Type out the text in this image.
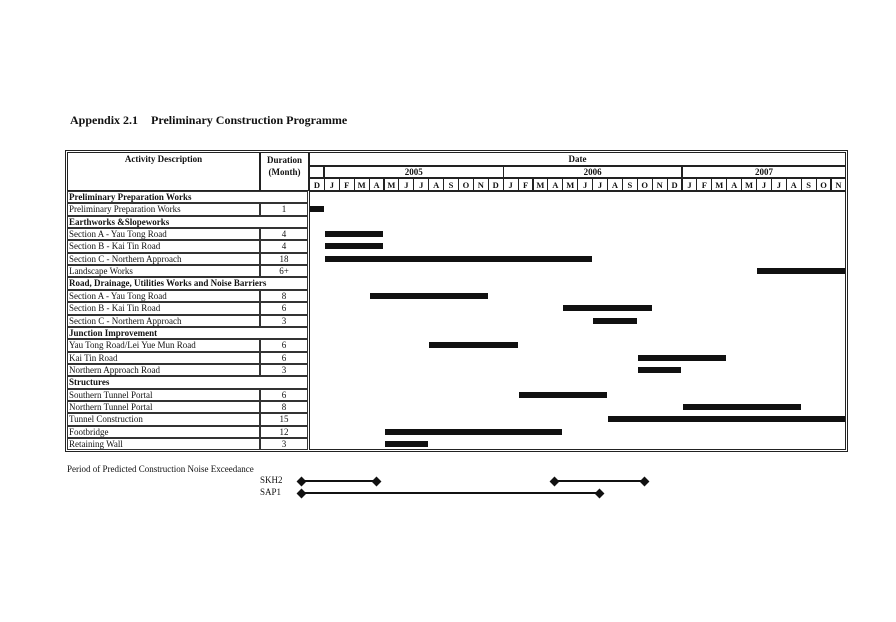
Appendix 2.1 Preliminary Construction Programme
Activity Description	Duration
(Month)
Date
2005	2006	2007
D	J	F M A M	J	J	A	S	O	N	D	J	F M A M	J	J	A	S	O	N	D	J	F M A M	J	J	A	S	O	N
Preliminary Preparation Works
Preliminary Preparation Works	1
Earthworks &Slopeworks
Section A - Yau Tong Road	4
Section B - Kai Tin Road	4
Section C - Northern Approach	18
Landscape Works	6+
Road, Drainage, Utilities Works and Noise Barriers
Section A - Yau Tong Road	8
Section B - Kai Tin Road	6
Section C - Northern Approach	3
Junction Improvement
Yau Tong Road/Lei Yue Mun Road	6
Kai Tin Road	6
Northern Approach Road	3
Structures
Southern Tunnel Portal	6
Northern Tunnel Portal	8
Tunnel Construction	15
Footbridge	12
Retaining Wall	3
Period of Predicted Construction Noise Exceedance
SKH2
SAP1
